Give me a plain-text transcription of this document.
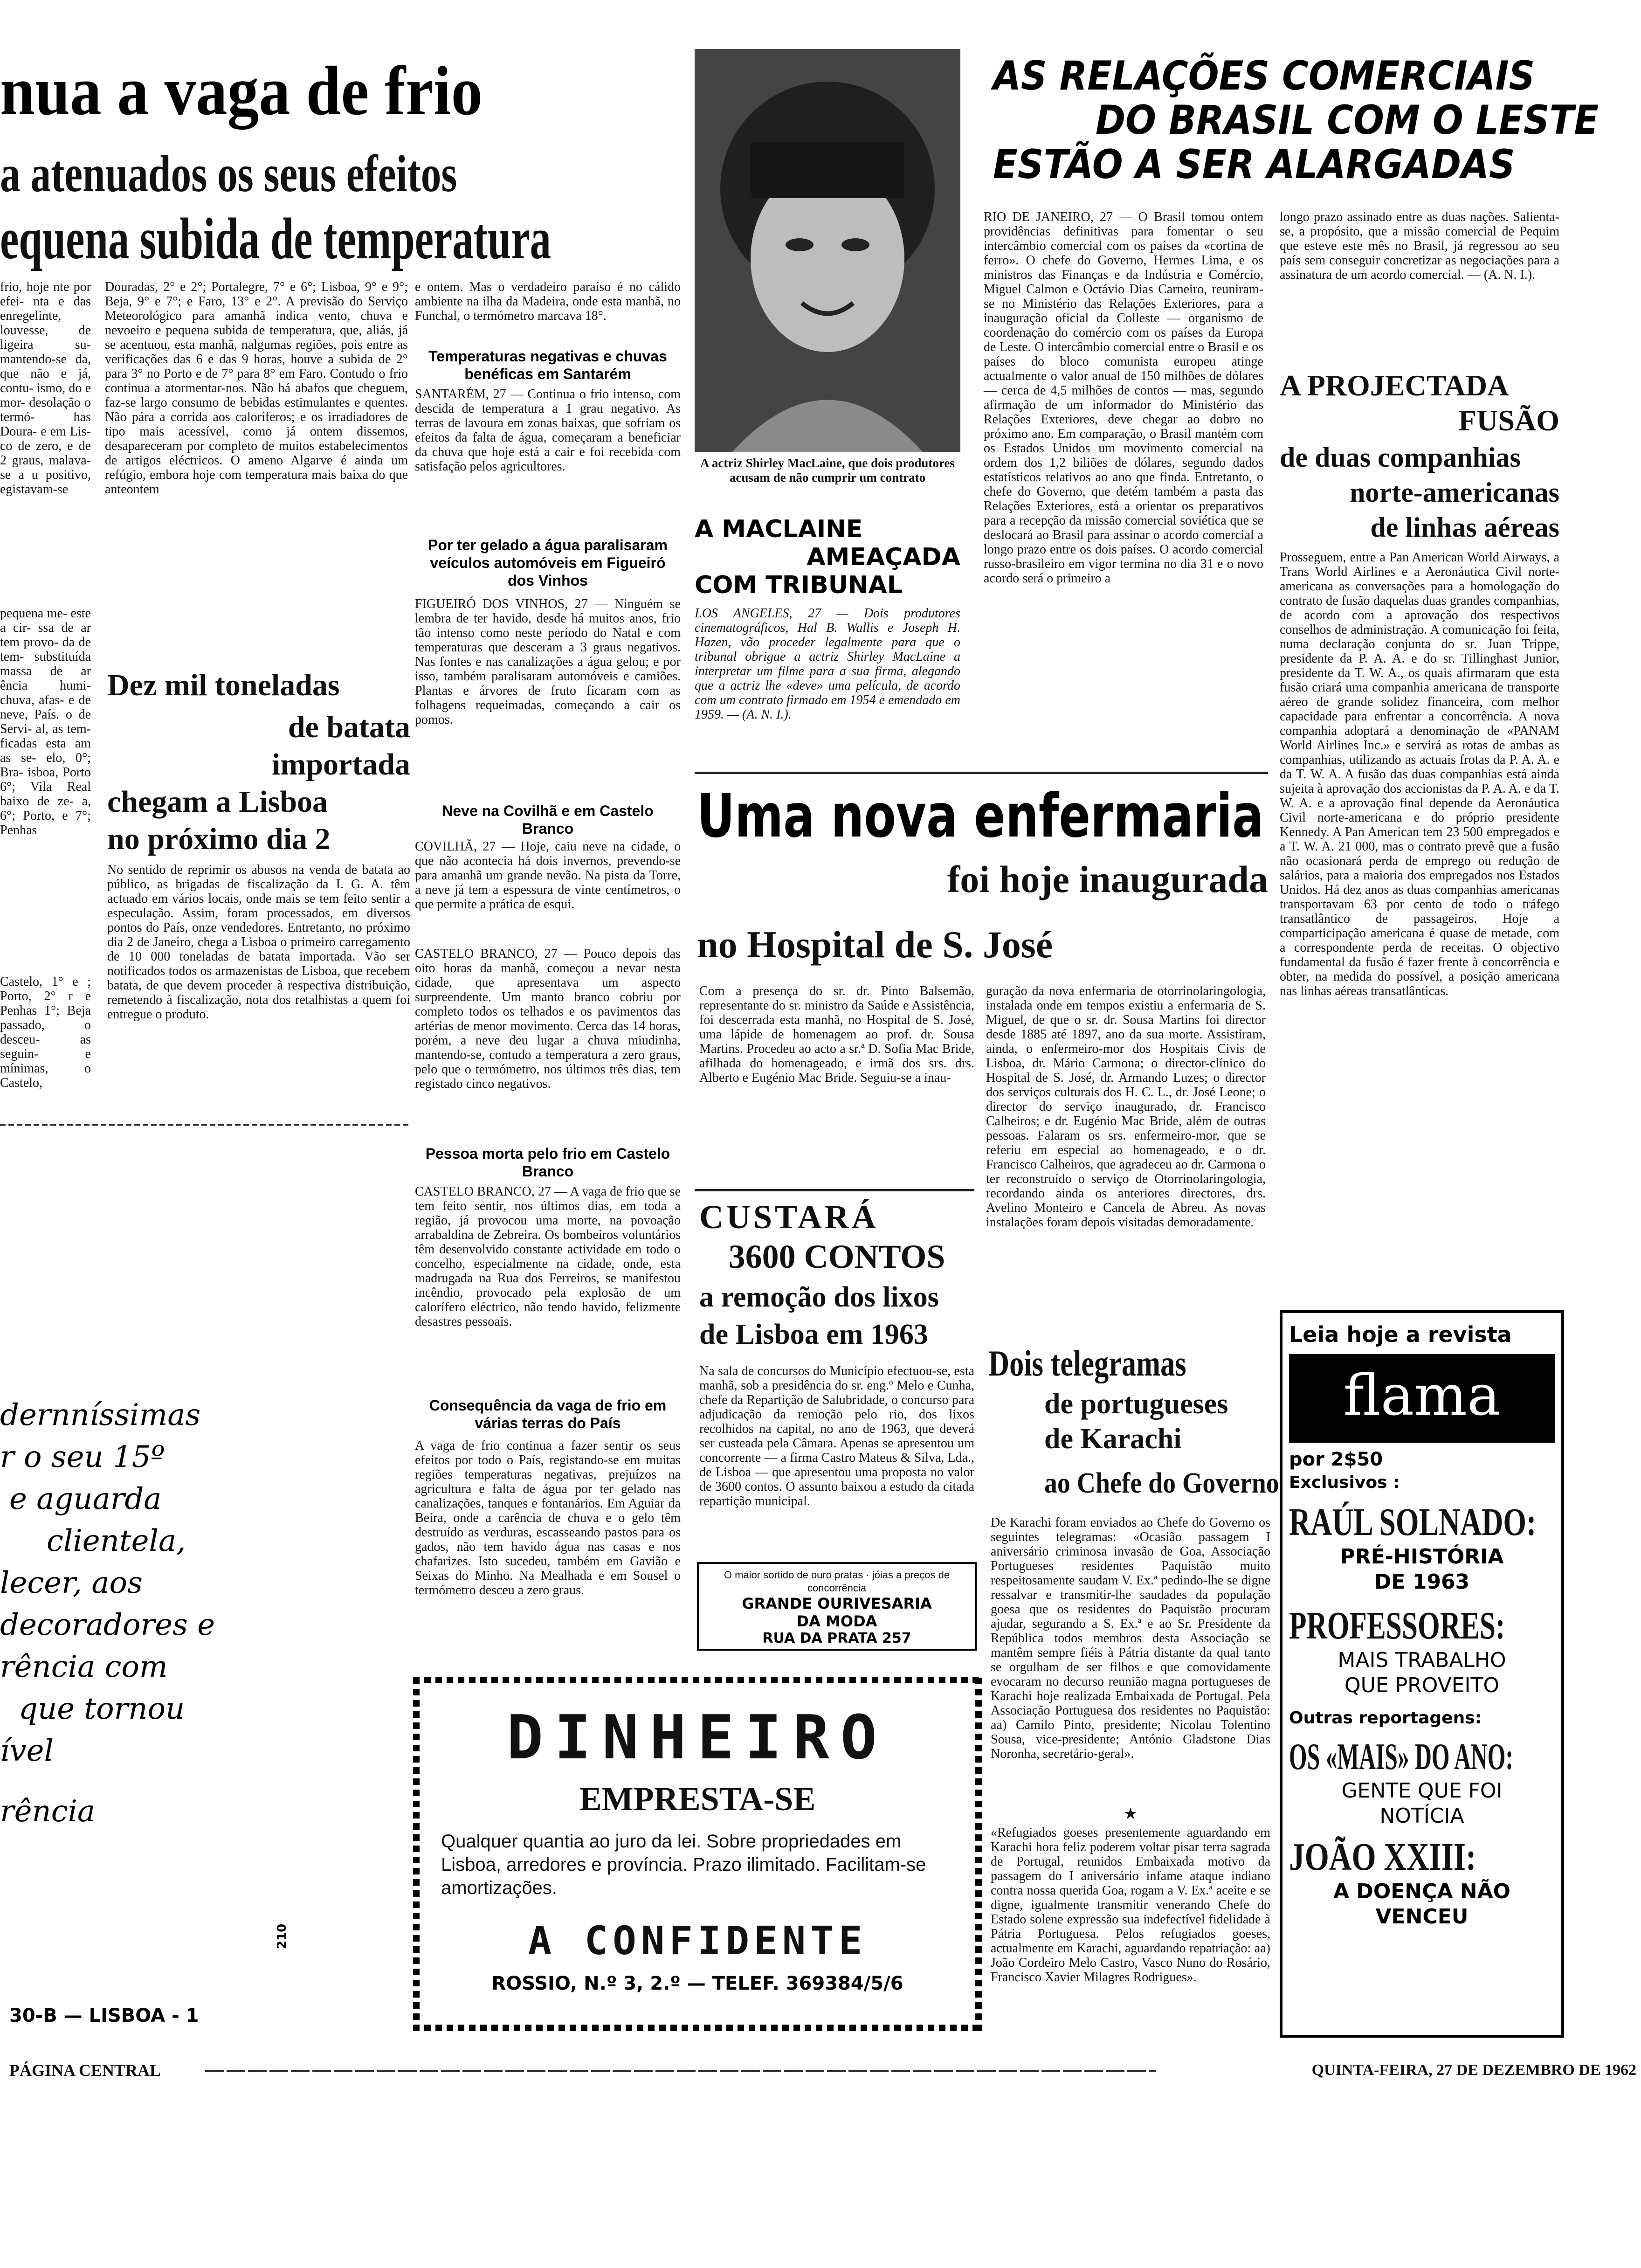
nua a vaga de frio
a atenuados os seus efeitos
equena subida de temperatura
frio, hoje nte por efei- nta e das enregelinte, louvesse, de ligeira su- mantendo-se da, que não e já, contu- ismo, do e mor- desolação o termó- has Doura- e em Lis- co de zero, e de 2 graus, malava-se a u positivo, egistavam-se
pequena me- este a cir- ssa de ar tem provo- da de tem- substituída massa de ar ência humi- chuva, afas- e de neve, País. o de Servi- al, as tem- ficadas esta am as se- elo, 0°; Bra- isboa, Porto 6°; Vila Real baixo de ze- a, 6°; Porto, e 7°; Penhas
Castelo, 1° e ; Porto, 2° r e Penhas 1°; Beja passado, o desceu- as seguin- e mínimas, o Castelo,
Douradas, 2° e 2°; Portalegre, 7° e 6°; Lisboa, 9° e 9°; Beja, 9° e 7°; e Faro, 13° e 2°. A previsão do Serviço Meteorológico para amanhã indica vento, chuva e nevoeiro e pequena subida de temperatura, que, aliás, já se acentuou, esta manhã, nalgumas regiões, pois entre as verificações das 6 e das 9 horas, houve a subida de 2° para 3° no Porto e de 7° para 8° em Faro. Contudo o frio continua a atormentar-nos. Não há abafos que cheguem, faz-se largo consumo de bebidas estimulantes e quentes. Não pára a corrida aos caloríferos; e os irradiadores de tipo mais acessível, como já ontem dissemos, desapareceram por completo de muitos estabelecimentos de artigos eléctricos. O ameno Algarve é ainda um refúgio, embora hoje com temperatura mais baixa do que anteontem
Dez mil toneladas
de batata
importada
chegam a Lisboa
no próximo dia 2
No sentido de reprimir os abusos na venda de batata ao público, as brigadas de fiscalização da I. G. A. têm actuado em vários locais, onde mais se tem feito sentir a especulação. Assim, foram processados, em diversos pontos do País, onze vendedores. Entretanto, no próximo dia 2 de Janeiro, chega a Lisboa o primeiro carregamento de 10 000 toneladas de batata importada. Vão ser notificados todos os armazenistas de Lisboa, que recebem batata, de que devem proceder à respectiva distribuição, remetendo à fiscalização, nota dos retalhistas a quem foi entregue o produto.
dernníssimas
r o seu 15º
e aguarda
clientela,
lecer, aos
decoradores e
rência com
que tornou
ível
rência
30-B — LISBOA - 1
e ontem. Mas o verdadeiro paraíso é no cálido ambiente na ilha da Madeira, onde esta manhã, no Funchal, o termómetro marcava 18°.
Temperaturas negativas e chuvas benéficas em Santarém
SANTARÉM, 27 — Continua o frio intenso, com descida de temperatura a 1 grau negativo. As terras de lavoura em zonas baixas, que sofriam os efeitos da falta de água, começaram a beneficiar da chuva que hoje está a cair e foi recebida com satisfação pelos agricultores.
Por ter gelado a água paralisaram veículos automóveis em Figueiró dos Vinhos
FIGUEIRÓ DOS VINHOS, 27 — Ninguém se lembra de ter havido, desde há muitos anos, frio tão intenso como neste período do Natal e com temperaturas que desceram a 3 graus negativos. Nas fontes e nas canalizações a água gelou; e por isso, também paralisaram automóveis e camiões. Plantas e árvores de fruto ficaram com as folhagens requeimadas, começando a cair os pomos.
Neve na Covilhã e em Castelo Branco
COVILHÃ, 27 — Hoje, caiu neve na cidade, o que não acontecia há dois invernos, prevendo-se para amanhã um grande nevão. Na pista da Torre, a neve já tem a espessura de vinte centímetros, o que permite a prática de esqui.
CASTELO BRANCO, 27 — Pouco depois das oito horas da manhã, começou a nevar nesta cidade, que apresentava um aspecto surpreendente. Um manto branco cobriu por completo todos os telhados e os pavimentos das artérias de menor movimento. Cerca das 14 horas, porém, a neve deu lugar a chuva miudinha, mantendo-se, contudo a temperatura a zero graus, pelo que o termómetro, nos últimos três dias, tem registado cinco negativos.
Pessoa morta pelo frio em Castelo Branco
CASTELO BRANCO, 27 — A vaga de frio que se tem feito sentir, nos últimos dias, em toda a região, já provocou uma morte, na povoação arrabaldina de Zebreira. Os bombeiros voluntários têm desenvolvido constante actividade em todo o concelho, especialmente na cidade, onde, esta madrugada na Rua dos Ferreiros, se manifestou incêndio, provocado pela explosão de um calorífero eléctrico, não tendo havido, felizmente desastres pessoais.
Consequência da vaga de frio em várias terras do País
A vaga de frio continua a fazer sentir os seus efeitos por todo o País, registando-se em muitas regiões temperaturas negativas, prejuízos na agricultura e falta de água por ter gelado nas canalizações, tanques e fontanários. Em Aguiar da Beira, onde a carência de chuva e o gelo têm destruído as verduras, escasseando pastos para os gados, não tem havido água nas casas e nos chafarizes. Isto sucedeu, também em Gavião e Seixas do Minho. Na Mealhada e em Sousel o termómetro desceu a zero graus.
A actriz Shirley MacLaine, que dois produtores acusam de não cumprir um contrato
A MACLAINE
AMEAÇADA
COM TRIBUNAL
LOS ANGELES, 27 — Dois produtores cinematográficos, Hal B. Wallis e Joseph H. Hazen, vão proceder legalmente para que o tribunal obrigue a actriz Shirley MacLaine a interpretar um filme para a sua firma, alegando que a actriz lhe «deve» uma película, de acordo com um contrato firmado em 1954 e emendado em 1959. — (A. N. I.).
AS RELAÇÕES COMERCIAIS
DO BRASIL COM O LESTE
ESTÃO A SER ALARGADAS
RIO DE JANEIRO, 27 — O Brasil tomou ontem providências definitivas para fomentar o seu intercâmbio comercial com os países da «cortina de ferro». O chefe do Governo, Hermes Lima, e os ministros das Finanças e da Indústria e Comércio, Miguel Calmon e Octávio Dias Carneiro, reuniram-se no Ministério das Relações Exteriores, para a inauguração oficial da Colleste — organismo de coordenação do comércio com os países da Europa de Leste. O intercâmbio comercial entre o Brasil e os países do bloco comunista europeu atinge actualmente o valor anual de 150 milhões de dólares — cerca de 4,5 milhões de contos — mas, segundo afirmação de um informador do Ministério das Relações Exteriores, deve chegar ao dobro no próximo ano. Em comparação, o Brasil mantém com os Estados Unidos um movimento comercial na ordem dos 1,2 biliões de dólares, segundo dados estatísticos relativos ao ano que finda. Entretanto, o chefe do Governo, que detém também a pasta das Relações Exteriores, está a orientar os preparativos para a recepção da missão comercial soviética que se deslocará ao Brasil para assinar o acordo comercial a longo prazo entre os dois países. O acordo comercial russo-brasileiro em vigor termina no dia 31 e o novo acordo será o primeiro a
longo prazo assinado entre as duas nações. Salienta-se, a propósito, que a missão comercial de Pequim que esteve este mês no Brasil, já regressou ao seu país sem conseguir concretizar as negociações para a assinatura de um acordo comercial. — (A. N. I.).
A PROJECTADA
FUSÃO
de duas companhias
norte-americanas
de linhas aéreas
Prosseguem, entre a Pan American World Airways, a Trans World Airlines e a Aeronáutica Civil norte-americana as conversações para a homologação do contrato de fusão daquelas duas grandes companhias, de acordo com a aprovação dos respectivos conselhos de administração. A comunicação foi feita, numa declaração conjunta do sr. Juan Trippe, presidente da P. A. A. e do sr. Tillinghast Junior, presidente da T. W. A., os quais afirmaram que esta fusão criará uma companhia americana de transporte aéreo de grande solidez financeira, com melhor capacidade para enfrentar a concorrência. A nova companhia adoptará a denominação de «PANAM World Airlines Inc.» e servirá as rotas de ambas as companhias, utilizando as actuais frotas da P. A. A. e da T. W. A. A fusão das duas companhias está ainda sujeita à aprovação dos accionistas da P. A. A. e da T. W. A. e a aprovação final depende da Aeronáutica Civil norte-americana e do próprio presidente Kennedy. A Pan American tem 23 500 empregados e a T. W. A. 21 000, mas o contrato prevê que a fusão não ocasionará perda de emprego ou redução de salários, para a maioria dos empregados nos Estados Unidos. Há dez anos as duas companhias americanas transportavam 63 por cento de todo o tráfego transatlântico de passageiros. Hoje a comparticipação americana é quase de metade, com a correspondente perda de receitas. O objectivo fundamental da fusão é fazer frente à concorrência e obter, na medida do possível, a posição americana nas linhas aéreas transatlânticas.
Uma nova enfermaria
foi hoje inaugurada
no Hospital de S. José
Com a presença do sr. dr. Pinto Balsemão, representante do sr. ministro da Saúde e Assistência, foi descerrada esta manhã, no Hospital de S. José, uma lápide de homenagem ao prof. dr. Sousa Martins. Procedeu ao acto a sr.ª D. Sofia Mac Bride, afilhada do homenageado, e irmã dos srs. drs. Alberto e Eugénio Mac Bride. Seguiu-se a inau-
guração da nova enfermaria de otorrinolaringologia, instalada onde em tempos existiu a enfermaria de S. Miguel, de que o sr. dr. Sousa Martins foi director desde 1885 até 1897, ano da sua morte. Assistiram, ainda, o enfermeiro-mor dos Hospitais Civis de Lisboa, dr. Mário Carmona; o director-clínico do Hospital de S. José, dr. Armando Luzes; o director dos serviços culturais dos H. C. L., dr. José Leone; o director do serviço inaugurado, dr. Francisco Calheiros; e dr. Eugénio Mac Bride, além de outras pessoas. Falaram os srs. enfermeiro-mor, que se referiu em especial ao homenageado, e o dr. Francisco Calheiros, que agradeceu ao dr. Carmona o ter reconstruído o serviço de Otorrinolaringologia, recordando ainda os anteriores directores, drs. Avelino Monteiro e Cancela de Abreu. As novas instalações foram depois visitadas demoradamente.
CUSTARÁ
3600 CONTOS
a remoção dos lixos
de Lisboa em 1963
Na sala de concursos do Município efectuou-se, esta manhã, sob a presidência do sr. eng.º Melo e Cunha, chefe da Repartição de Salubridade, o concurso para adjudicação da remoção pelo rio, dos lixos recolhidos na capital, no ano de 1963, que deverá ser custeada pela Câmara. Apenas se apresentou um concorrente — a firma Castro Mateus & Silva, Lda., de Lisboa — que apresentou uma proposta no valor de 3600 contos. O assunto baixou a estudo da citada repartição municipal.
Dois telegramas
de portugueses
de Karachi
ao Chefe do Governo
De Karachi foram enviados ao Chefe do Governo os seguintes telegramas: «Ocasião passagem I aniversário criminosa invasão de Goa, Associação Portugueses residentes Paquistão muito respeitosamente saudam V. Ex.ª pedindo-lhe se digne ressalvar e transmitir-lhe saudades da população goesa que os residentes do Paquistão procuram ajudar, segurando a S. Ex.ª e ao Sr. Presidente da República todos membros desta Associação se mantêm sempre fiéis à Pátria distante da qual tanto se orgulham de ser filhos e que comovidamente evocaram no decurso reunião magna portugueses de Karachi hoje realizada Embaixada de Portugal. Pela Associação Portuguesa dos residentes no Paquistão: aa) Camilo Pinto, presidente; Nicolau Tolentino Sousa, vice-presidente; António Gladstone Dias Noronha, secretário-geral».
★
«Refugiados goeses presentemente aguardando em Karachi hora feliz poderem voltar pisar terra sagrada de Portugal, reunidos Embaixada motivo da passagem do I aniversário infame ataque indiano contra nossa querida Goa, rogam a V. Ex.ª aceite e se digne, igualmente transmitir venerando Chefe do Estado solene expressão sua indefectível fidelidade à Pátria Portuguesa. Pelos refugiados goeses, actualmente em Karachi, aguardando repatriação: aa) João Cordeiro Melo Castro, Vasco Nuno do Rosário, Francisco Xavier Milagres Rodrigues».
O maior sortido de ouro pratas · jóias a preços de concorrência
GRANDE OURIVESARIA
DA MODA
RUA DA PRATA 257
DINHEIRO
EMPRESTA-SE
Qualquer quantia ao juro da lei. Sobre propriedades em Lisboa, arredores e província. Prazo ilimitado. Facilitam-se amortizações.
A CONFIDENTE
ROSSIO, N.º 3, 2.º — TELEF. 369384/5/6
210
Leia hoje a revista
flama
por 2$50
Exclusivos :
RAÚL SOLNADO:
PRÉ-HISTÓRIA
DE 1963
PROFESSORES:
MAIS TRABALHO
QUE PROVEITO
Outras reportagens:
OS «MAIS» DO ANO:
GENTE QUE FOI
NOTÍCIA
JOÃO XXIII:
A DOENÇA NÃO
VENCEU
PÁGINA CENTRAL	QUINTA-FEIRA, 27 DE DEZEMBRO DE 1962
